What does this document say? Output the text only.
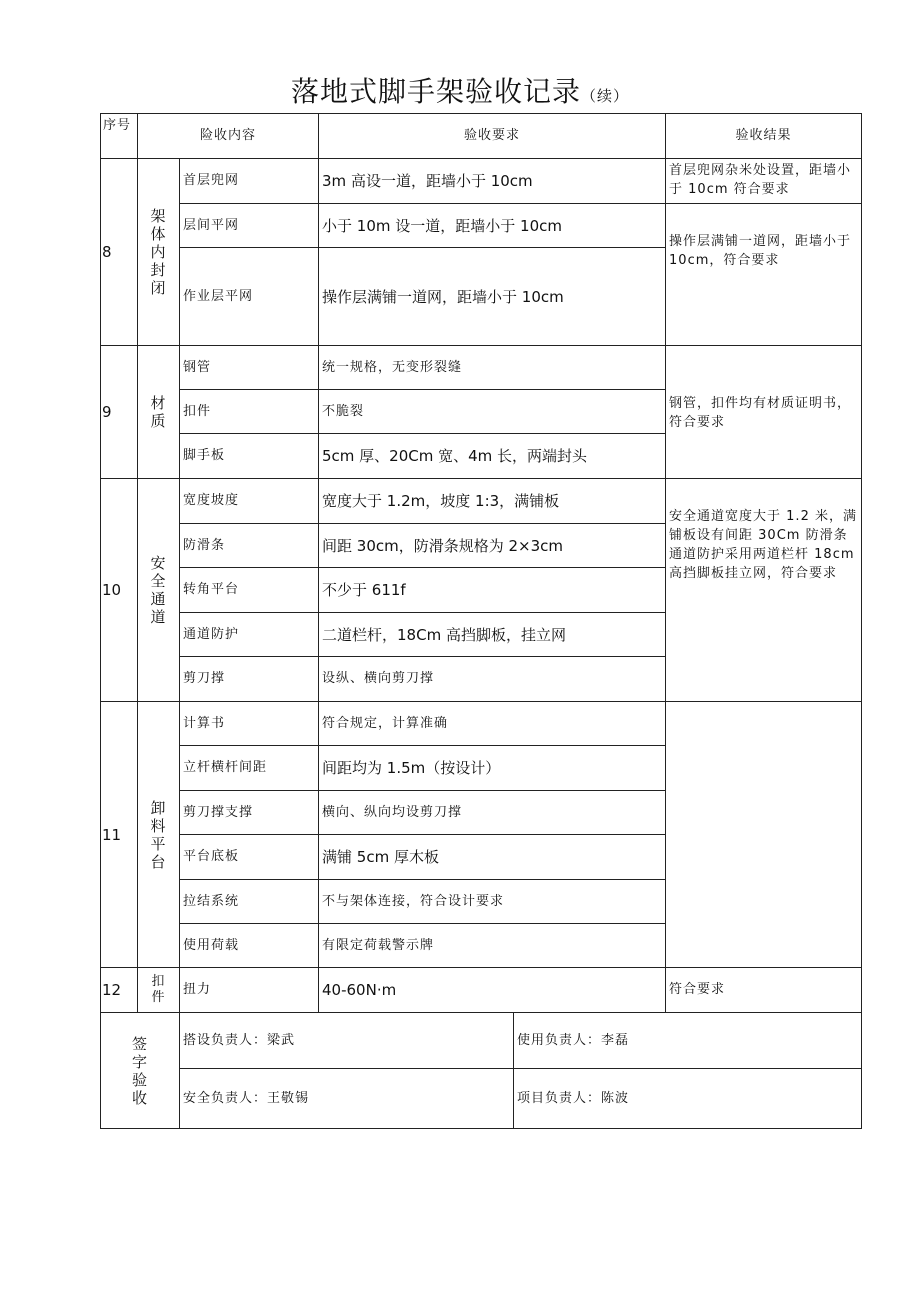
落地式脚手架验收记录（续）
序号	险收内容		验收要求		验收结果
8	架体内封闭	首层兜网	3m 高设一道，距墙小于 10cm		首层兜网杂米处设置，距墙小于 10cm 符合要求
		层间平网	小于 10m 设一道，距墙小于 10cm		操作层满铺一道网，距墙小于 10cm，符合要求
		作业层平网	操作层满铺一道网，距墙小于 10cm		
9	材质	钢管	统一规格，无变形裂缝		钢管，扣件均有材质证明书，符合要求
		扣件	不脆裂		
		脚手板	5cm 厚、20Cm 宽、4m 长，两端封头		
10	安全通道	宽度坡度	宽度大于 1.2m，坡度 1:3，满铺板		安全通道宽度大于 1.2 米，满铺板设有间距 30Cm 防滑条通道防护采用两道栏杆 18cm 高挡脚板挂立网，符合要求
		防滑条	间距 30cm，防滑条规格为 2×3cm		
		转角平台	不少于 611f		
		通道防护	二道栏杆，18Cm 高挡脚板，挂立网		
		剪刀撑	设纵、横向剪刀撑		
11	卸料平台	计算书	符合规定，计算准确		
		立杆横杆间距	间距均为 1.5m（按设计）		
		剪刀撑支撑	横向、纵向均设剪刀撑		
		平台底板	满铺 5cm 厚木板		
		拉结系统	不与架体连接，符合设计要求		
		使用荷载	有限定荷载警示牌		
12	扣件	扭力	40-60N·m		符合要求

签字验收		搭设负责人：梁武		使用负责人：李磊	
		安全负责人：王敬锡		项目负责人：陈波	
